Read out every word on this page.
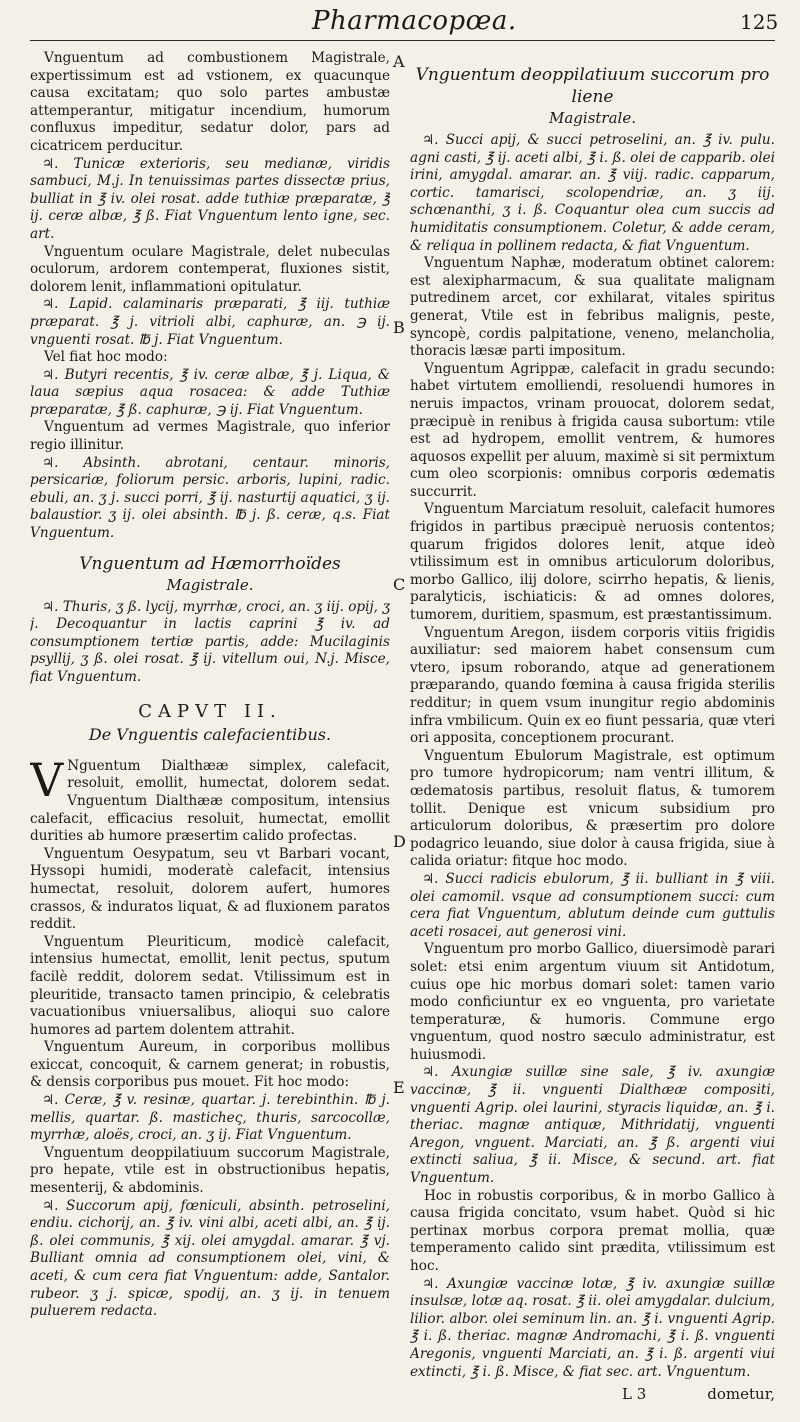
Pharmacopœa.	125
A
B
C
D
E

Vnguentum ad combustionem Magistrale, expertissimum est ad vstionem, ex quacunque causa excitatam; quo solo partes ambustæ attemperantur, mitigatur incendium, humorum confluxus impeditur, sedatur dolor, pars ad cicatricem perducitur.

♃. Tunicæ exterioris, seu medianæ, viridis sambuci, M.j. In tenuissimas partes dissectæ prius, bulliat in ℥ iv. olei rosat. adde tuthiæ præparatæ, ℥ ij. ceræ albæ, ℥ ß. Fiat Vnguentum lento igne, sec. art.

Vnguentum oculare Magistrale, delet nubeculas oculorum, ardorem contemperat, fluxiones sistit, dolorem lenit, inflammationi opitulatur.

♃. Lapid. calaminaris præparati, ℥ iij. tuthiæ præparat. ℥ j. vitrioli albi, caphuræ, an. ℈ ij. vnguenti rosat. ℔ j. Fiat Vnguentum.

Vel fiat hoc modo:

♃. Butyri recentis, ℥ iv. ceræ albæ, ℥ j. Liqua, & laua sæpius aqua rosacea: & adde Tuthiæ præparatæ, ℥ ß. caphuræ, ℈ ij. Fiat Vnguentum.

Vnguentum ad vermes Magistrale, quo inferior regio illinitur.

♃. Absinth. abrotani, centaur. minoris, persicariæ, foliorum persic. arboris, lupini, radic. ebuli, an. ʒ j. succi porri, ℥ ij. nasturtij aquatici, ʒ ij. balaustior. ʒ ij. olei absinth. ℔ j. ß. ceræ, q.s. Fiat Vnguentum.

Vnguentum ad Hæmorrhoïdes
Magistrale.

♃. Thuris, ʒ ß. lycij, myrrhæ, croci, an. ʒ iij. opij, ʒ j. Decoquantur in lactis caprini ℥ iv. ad consumptionem tertiæ partis, adde: Mucilaginis psyllij, ʒ ß. olei rosat. ℥ ij. vitellum oui, N.j. Misce, fiat Vnguentum.

CAPVT II.
De Vnguentis calefacientibus.

V Nguentum Dialthææ simplex, calefacit, resoluit, emollit, humectat, dolorem sedat. Vnguentum Dialthææ compositum, intensius calefacit, efficacius resoluit, humectat, emollit durities ab humore præsertim calido profectas.

Vnguentum Oesypatum, seu vt Barbari vocant, Hyssopi humidi, moderatè calefacit, intensius humectat, resoluit, dolorem aufert, humores crassos, & induratos liquat, & ad fluxionem paratos reddit.

Vnguentum Pleuriticum, modicè calefacit, intensius humectat, emollit, lenit pectus, sputum facilè reddit, dolorem sedat. Vtilissimum est in pleuritide, transacto tamen principio, & celebratis vacuationibus vniuersalibus, alioqui suo calore humores ad partem dolentem attrahit.

Vnguentum Aureum, in corporibus mollibus exiccat, concoquit, & carnem generat; in robustis, & densis corporibus pus mouet. Fit hoc modo:

♃. Ceræ, ℥ v. resinæ, quartar. j. terebinthin. ℔ j. mellis, quartar. ß. masticheς, thuris, sarcocollæ, myrrhæ, aloës, croci, an. ʒ ij. Fiat Vnguentum.

Vnguentum deoppilatiuum succorum Magistrale, pro hepate, vtile est in obstructionibus hepatis, mesenterij, & abdominis.

♃. Succorum apij, fœniculi, absinth. petroselini, endiu. cichorij, an. ℥ iv. vini albi, aceti albi, an. ℥ ij. ß. olei communis, ℥ xij. olei amygdal. amarar. ℥ vj. Bulliant omnia ad consumptionem olei, vini, & aceti, & cum cera fiat Vnguentum: adde, Santalor. rubeor. ʒ j. spicæ, spodij, an. ʒ ij. in tenuem puluerem redacta.

Vnguentum deoppilatiuum succorum pro liene
Magistrale.

♃. Succi apij, & succi petroselini, an. ℥ iv. pulu. agni casti, ℥ ij. aceti albi, ℥ i. ß. olei de capparib. olei irini, amygdal. amarar. an. ℥ viij. radic. capparum, cortic. tamarisci, scolopendriæ, an. ʒ iij. schœnanthi, ʒ i. ß. Coquantur olea cum succis ad humiditatis consumptionem. Coletur, & adde ceram, & reliqua in pollinem redacta, & fiat Vnguentum.

Vnguentum Naphæ, moderatum obtinet calorem: est alexipharmacum, & sua qualitate malignam putredinem arcet, cor exhilarat, vitales spiritus generat, Vtile est in febribus malignis, peste, syncopè, cordis palpitatione, veneno, melancholia, thoracis læsæ parti impositum.

Vnguentum Agrippæ, calefacit in gradu secundo: habet virtutem emolliendi, resoluendi humores in neruis impactos, vrinam prouocat, dolorem sedat, præcipuè in renibus à frigida causa subortum: vtile est ad hydropem, emollit ventrem, & humores aquosos expellit per aluum, maximè si sit permixtum cum oleo scorpionis: omnibus corporis œdematis succurrit.

Vnguentum Marciatum resoluit, calefacit humores frigidos in partibus præcipuè neruosis contentos; quarum frigidos dolores lenit, atque ideò vtilissimum est in omnibus articulorum doloribus, morbo Gallico, ilij dolore, scirrho hepatis, & lienis, paralyticis, ischiaticis: & ad omnes dolores, tumorem, duritiem, spasmum, est præstantissimum.

Vnguentum Aregon, iisdem corporis vitiis frigidis auxiliatur: sed maiorem habet consensum cum vtero, ipsum roborando, atque ad generationem præparando, quando fœmina à causa frigida sterilis redditur; in quem vsum inungitur regio abdominis infra vmbilicum. Quin ex eo fiunt pessaria, quæ vteri ori apposita, conceptionem procurant.

Vnguentum Ebulorum Magistrale, est optimum pro tumore hydropicorum; nam ventri illitum, & œdematosis partibus, resoluit flatus, & tumorem tollit. Denique est vnicum subsidium pro articulorum doloribus, & præsertim pro dolore podagrico leuando, siue dolor à causa frigida, siue à calida oriatur: fitque hoc modo.

♃. Succi radicis ebulorum, ℥ ii. bulliant in ℥ viii. olei camomil. vsque ad consumptionem succi: cum cera fiat Vnguentum, ablutum deinde cum guttulis aceti rosacei, aut generosi vini.

Vnguentum pro morbo Gallico, diuersimodè parari solet: etsi enim argentum viuum sit Antidotum, cuius ope hic morbus domari solet: tamen vario modo conficiuntur ex eo vnguenta, pro varietate temperaturæ, & humoris. Commune ergo vnguentum, quod nostro sæculo administratur, est huiusmodi.

♃. Axungiæ suillæ sine sale, ℥ iv. axungiæ vaccinæ, ℥ ii. vnguenti Dialthææ compositi, vnguenti Agrip. olei laurini, styracis liquidæ, an. ℥ i. theriac. magnæ antiquæ, Mithridatij, vnguenti Aregon, vnguent. Marciati, an. ℥ ß. argenti viui extincti saliua, ℥ ii. Misce, & secund. art. fiat Vnguentum.

Hoc in robustis corporibus, & in morbo Gallico à causa frigida concitato, vsum habet. Quòd si hic pertinax morbus corpora premat mollia, quæ temperamento calido sint prædita, vtilissimum est hoc.

♃. Axungiæ vaccinæ lotæ, ℥ iv. axungiæ suillæ insulsæ, lotæ aq. rosat. ℥ ii. olei amygdalar. dulcium, lilior. albor. olei seminum lin. an. ℥ i. vnguenti Agrip. ℥ i. ß. theriac. magnæ Andromachi, ℥ i. ß. vnguenti Aregonis, vnguenti Marciati, an. ℥ i. ß. argenti viui extincti, ℥ i. ß. Misce, & fiat sec. art. Vnguentum.

L 3	dometur,
